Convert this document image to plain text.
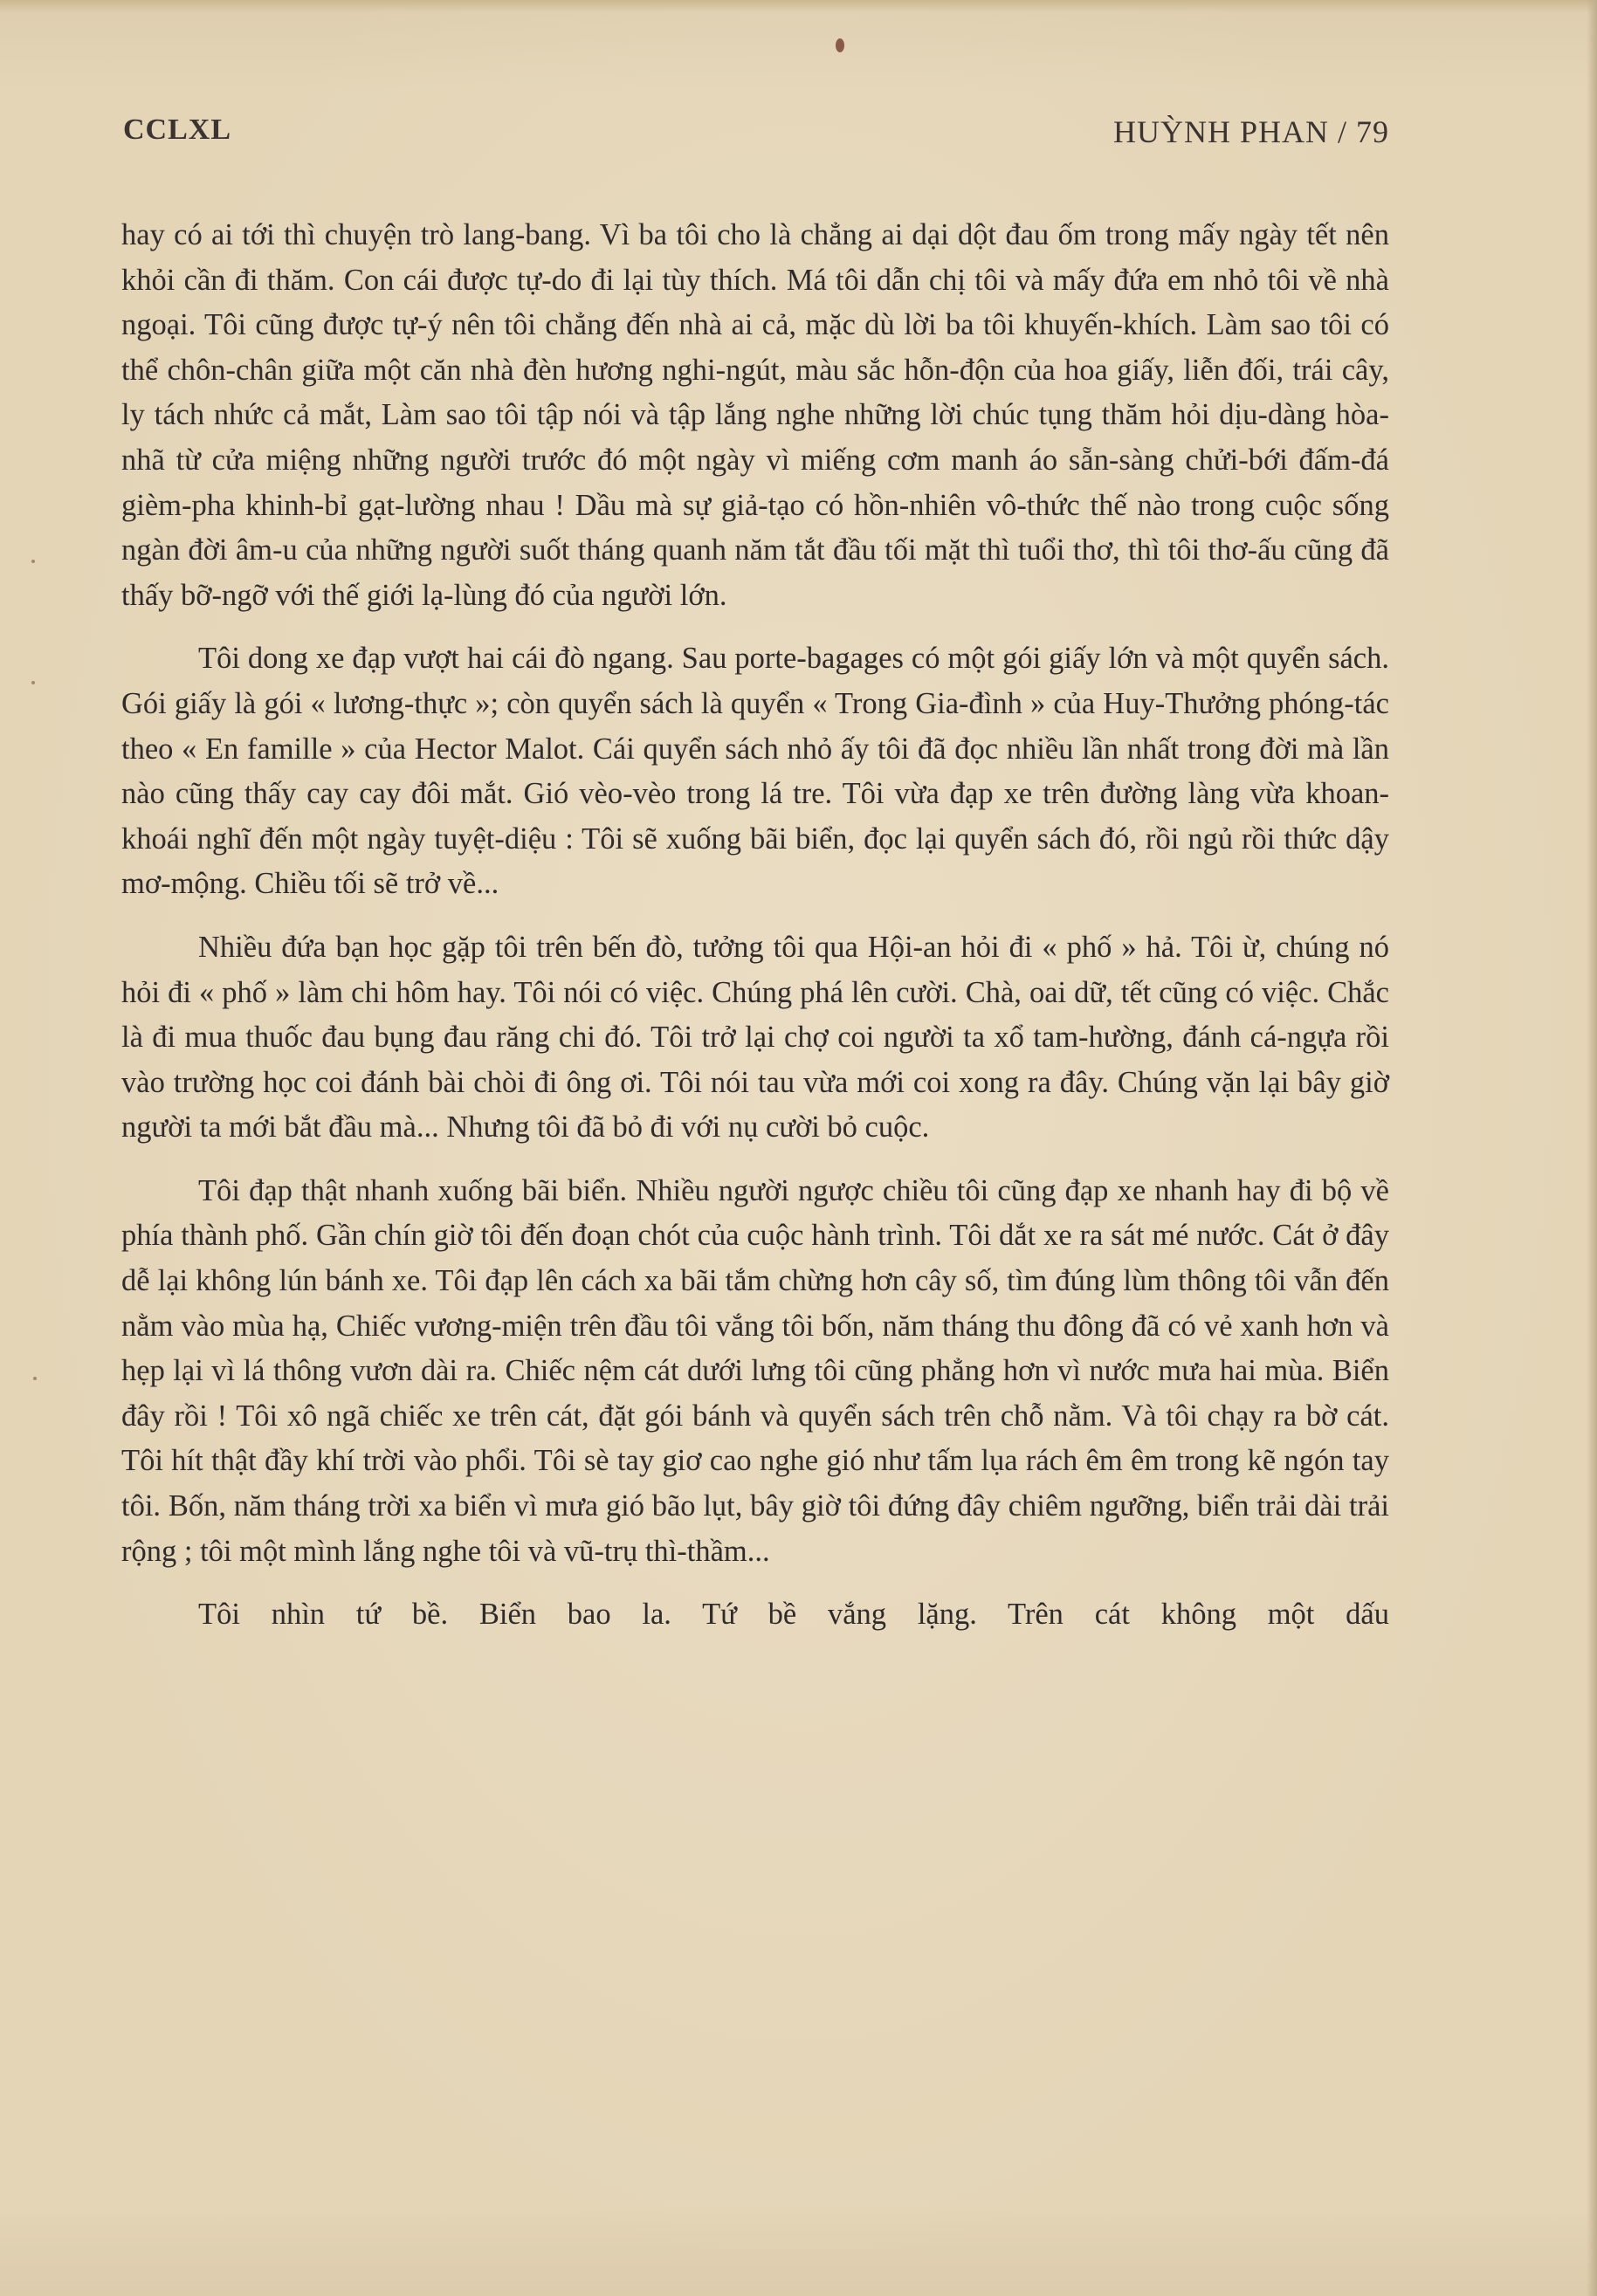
CCLXL	HUỲNH PHAN / 79

hay có ai tới thì chuyện trò lang-bang. Vì ba tôi cho là chẳng ai dại dột đau ốm trong mấy ngày tết nên khỏi cần đi thăm. Con cái được tự-do đi lại tùy thích. Má tôi dẫn chị tôi và mấy đứa em nhỏ tôi về nhà ngoại. Tôi cũng được tự-ý nên tôi chẳng đến nhà ai cả, mặc dù lời ba tôi khuyến-khích. Làm sao tôi có thể chôn-chân giữa một căn nhà đèn hương nghi-ngút, màu sắc hỗn-độn của hoa giấy, liễn đối, trái cây, ly tách nhức cả mắt, Làm sao tôi tập nói và tập lắng nghe những lời chúc tụng thăm hỏi dịu-dàng hòa-nhã từ cửa miệng những người trước đó một ngày vì miếng cơm manh áo sẵn-sàng chửi-bới đấm-đá gièm-pha khinh-bỉ gạt-lường nhau ! Dầu mà sự giả-tạo có hồn-nhiên vô-thức thế nào trong cuộc sống ngàn đời âm-u của những người suốt tháng quanh năm tắt đầu tối mặt thì tuổi thơ, thì tôi thơ-ấu cũng đã thấy bỡ-ngỡ với thế giới lạ-lùng đó của người lớn.

Tôi dong xe đạp vượt hai cái đò ngang. Sau porte-bagages có một gói giấy lớn và một quyển sách. Gói giấy là gói « lương-thực »; còn quyển sách là quyển « Trong Gia-đình » của Huy-Thưởng phóng-tác theo « En famille » của Hector Malot. Cái quyển sách nhỏ ấy tôi đã đọc nhiều lần nhất trong đời mà lần nào cũng thấy cay cay đôi mắt. Gió vèo-vèo trong lá tre. Tôi vừa đạp xe trên đường làng vừa khoan-khoái nghĩ đến một ngày tuyệt-diệu : Tôi sẽ xuống bãi biển, đọc lại quyển sách đó, rồi ngủ rồi thức dậy mơ-mộng. Chiều tối sẽ trở về...

Nhiều đứa bạn học gặp tôi trên bến đò, tưởng tôi qua Hội-an hỏi đi « phố » hả. Tôi ừ, chúng nó hỏi đi « phố » làm chi hôm hay. Tôi nói có việc. Chúng phá lên cười. Chà, oai dữ, tết cũng có việc. Chắc là đi mua thuốc đau bụng đau răng chi đó. Tôi trở lại chợ coi người ta xổ tam-hường, đánh cá-ngựa rồi vào trường học coi đánh bài chòi đi ông ơi. Tôi nói tau vừa mới coi xong ra đây. Chúng vặn lại bây giờ người ta mới bắt đầu mà... Nhưng tôi đã bỏ đi với nụ cười bỏ cuộc.

Tôi đạp thật nhanh xuống bãi biển. Nhiều người ngược chiều tôi cũng đạp xe nhanh hay đi bộ về phía thành phố. Gần chín giờ tôi đến đoạn chót của cuộc hành trình. Tôi dắt xe ra sát mé nước. Cát ở đây dễ lại không lún bánh xe. Tôi đạp lên cách xa bãi tắm chừng hơn cây số, tìm đúng lùm thông tôi vẫn đến nằm vào mùa hạ, Chiếc vương-miện trên đầu tôi vắng tôi bốn, năm tháng thu đông đã có vẻ xanh hơn và hẹp lại vì lá thông vươn dài ra. Chiếc nệm cát dưới lưng tôi cũng phẳng hơn vì nước mưa hai mùa. Biển đây rồi ! Tôi xô ngã chiếc xe trên cát, đặt gói bánh và quyển sách trên chỗ nằm. Và tôi chạy ra bờ cát. Tôi hít thật đầy khí trời vào phổi. Tôi sè tay giơ cao nghe gió như tấm lụa rách êm êm trong kẽ ngón tay tôi. Bốn, năm tháng trời xa biển vì mưa gió bão lụt, bây giờ tôi đứng đây chiêm ngưỡng, biển trải dài trải rộng ; tôi một mình lắng nghe tôi và vũ-trụ thì-thầm...

Tôi nhìn tứ bề. Biển bao la. Tứ bề vắng lặng. Trên cát không một dấu
